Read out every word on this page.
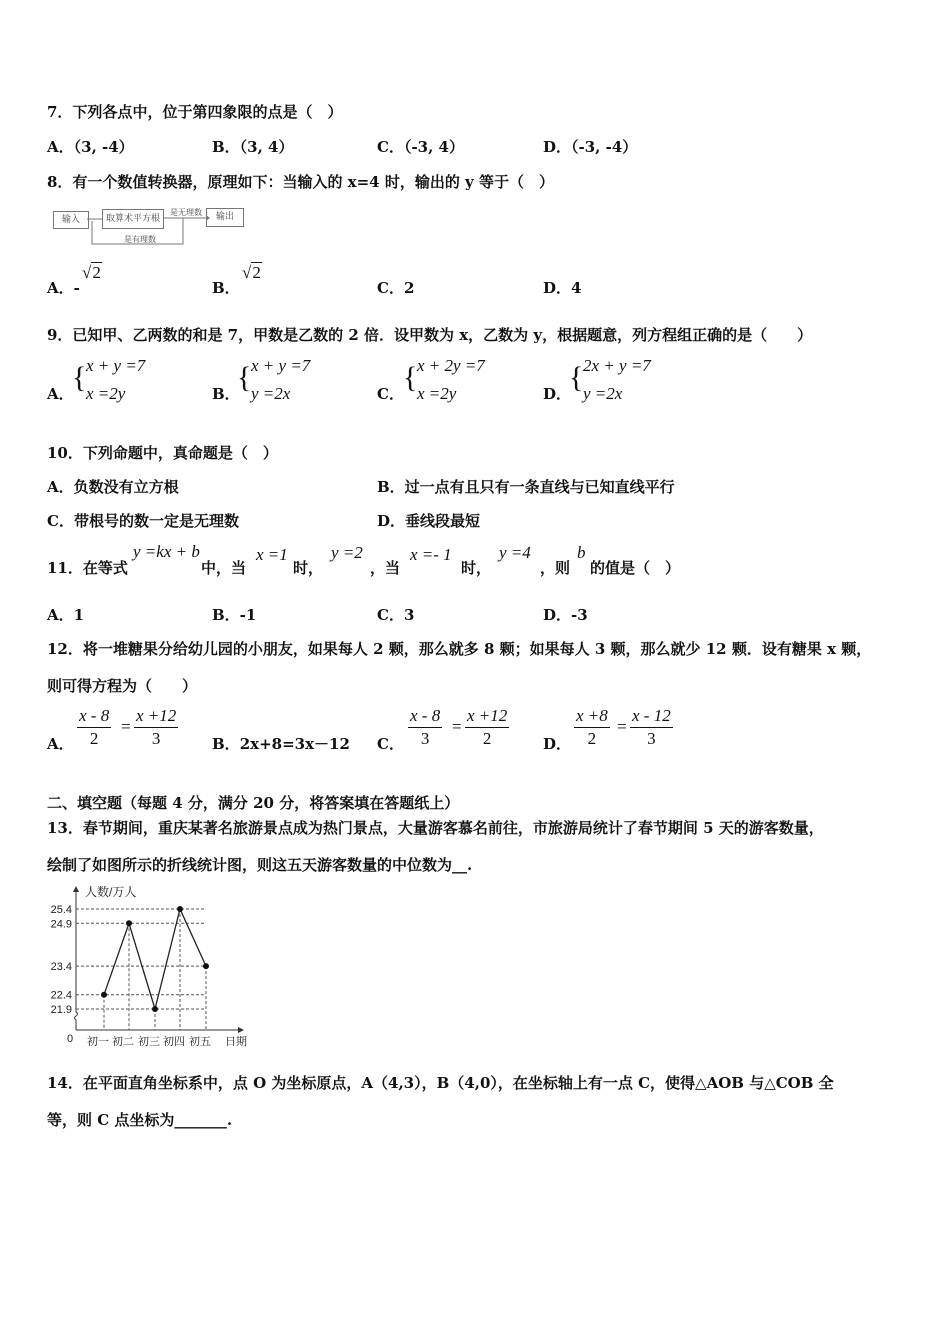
7．下列各点中，位于第四象限的点是（　）
A．（3, -4）	B．（3, 4）	C．（-3, 4）	D．（-3, -4）
8．有一个数值转换器，原理如下：当输入的 x=4 时，输出的 y 等于（　）
输入	取算术平方根	输出
是无理数
是有理数
A．-
√2
B．
√2
C．2	D．4
9．已知甲、乙两数的和是 7，甲数是乙数的 2 倍．设甲数为 x，乙数为 y，根据题意，列方程组正确的是（　　）
A．
{ x + y =7
x =2y	B．
{ x + y =7
y =2x	C． { x + 2y =7
x =2y	D．
{ 2x + y =7
y =2x
10．下列命题中，真命题是（　）
A．负数没有立方根	B．过一点有且只有一条直线与已知直线平行
C．带根号的数一定是无理数	D．垂线段最短
11．在等式
y =kx + b
中，当
x =1
时，
y =2
，当
x =- 1
时，
y =4
，则
b
的值是（　）
A．1	B．-1	C．3	D．-3
12．将一堆糖果分给幼儿园的小朋友，如果每人 2 颗，那么就多 8 颗；如果每人 3 颗，那么就少 12 颗．设有糖果 x 颗，
则可得方程为（　　）
A． $\frac{x - 8}{2} = \frac{x +12}{3}$ B．2x+8=3x－12 C． $\frac{x - 8}{3} = \frac{x +12}{2}$ D． $\frac{x +8}{2} = \frac{x - 12}{3}$
二、填空题（每题 4 分，满分 20 分，将答案填在答题纸上）
13．春节期间，重庆某著名旅游景点成为热门景点，大量游客慕名前往，市旅游局统计了春节期间 5 天的游客数量，
绘制了如图所示的折线统计图，则这五天游客数量的中位数为__.
25.4
24.9
23.4
22.4
21.9
初一 初二 初三 初四 初五 日期
0
人数/万人
14．在平面直角坐标系中，点 O 为坐标原点，A（4,3），B（4,0），在坐标轴上有一点 C，使得△AOB 与△COB 全
等，则 C 点坐标为_______.
